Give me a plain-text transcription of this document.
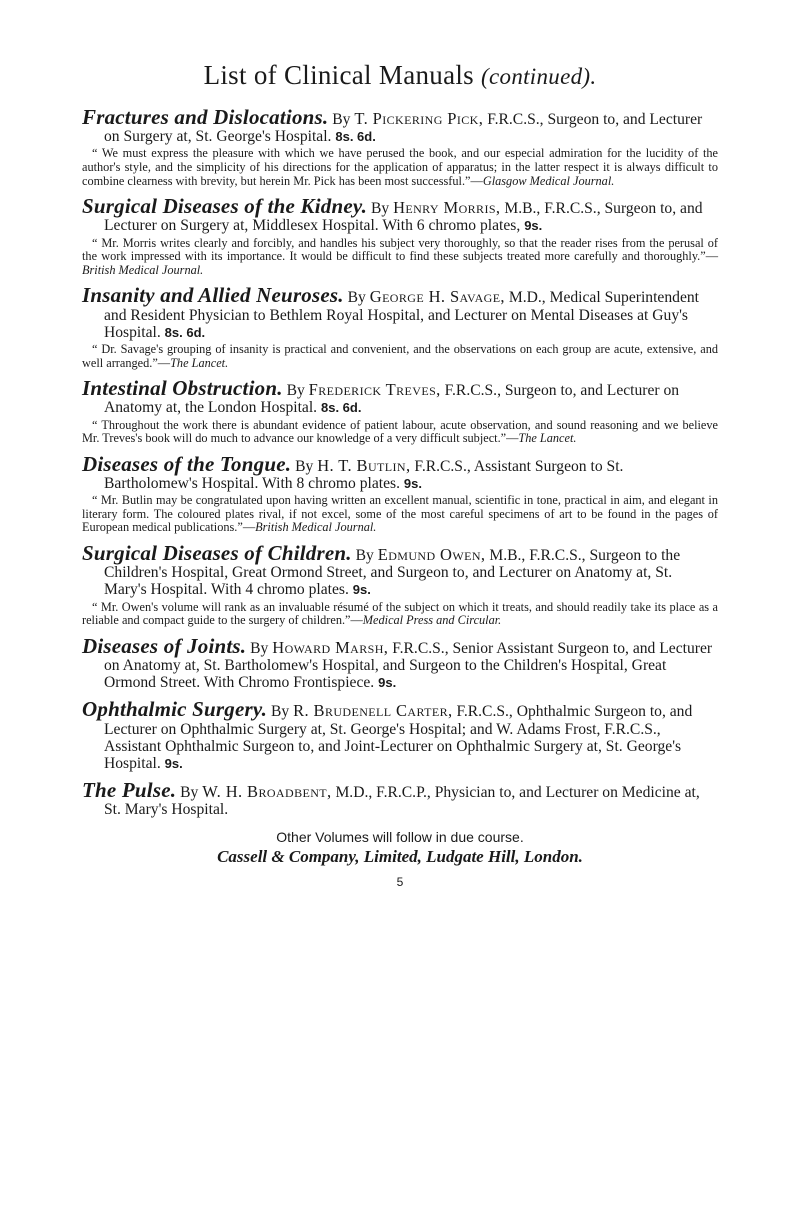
List of Clinical Manuals (continued).

Fractures and Dislocations. By T. Pickering Pick, F.R.C.S., Surgeon to, and Lecturer on Surgery at, St. George's Hospital. 8s. 6d.

“ We must express the pleasure with which we have perused the book, and our especial admiration for the lucidity of the author's style, and the simplicity of his directions for the application of apparatus; in the latter respect it is always difficult to combine clearness with brevity, but herein Mr. Pick has been most successful.”—Glasgow Medical Journal.

Surgical Diseases of the Kidney. By Henry Morris, M.B., F.R.C.S., Surgeon to, and Lecturer on Surgery at, Middlesex Hospital. With 6 chromo plates, 9s.

“ Mr. Morris writes clearly and forcibly, and handles his subject very thoroughly, so that the reader rises from the perusal of the work impressed with its importance. It would be difficult to find these subjects treated more carefully and thoroughly.”—British Medical Journal.

Insanity and Allied Neuroses. By George H. Savage, M.D., Medical Superintendent and Resident Physician to Bethlem Royal Hospital, and Lecturer on Mental Diseases at Guy's Hospital. 8s. 6d.

“ Dr. Savage's grouping of insanity is practical and convenient, and the observations on each group are acute, extensive, and well arranged.”—The Lancet.

Intestinal Obstruction. By Frederick Treves, F.R.C.S., Surgeon to, and Lecturer on Anatomy at, the London Hospital. 8s. 6d.

“ Throughout the work there is abundant evidence of patient labour, acute observation, and sound reasoning and we believe Mr. Treves's book will do much to advance our knowledge of a very difficult subject.”—The Lancet.

Diseases of the Tongue. By H. T. Butlin, F.R.C.S., Assistant Surgeon to St. Bartholomew's Hospital. With 8 chromo plates. 9s.

“ Mr. Butlin may be congratulated upon having written an excellent manual, scientific in tone, practical in aim, and elegant in literary form. The coloured plates rival, if not excel, some of the most careful specimens of art to be found in the pages of European medical publications.”—British Medical Journal.

Surgical Diseases of Children. By Edmund Owen, M.B., F.R.C.S., Surgeon to the Children's Hospital, Great Ormond Street, and Surgeon to, and Lecturer on Anatomy at, St. Mary's Hospital. With 4 chromo plates. 9s.

“ Mr. Owen's volume will rank as an invaluable résumé of the subject on which it treats, and should readily take its place as a reliable and compact guide to the surgery of children.”—Medical Press and Circular.

Diseases of Joints. By Howard Marsh, F.R.C.S., Senior Assistant Surgeon to, and Lecturer on Anatomy at, St. Bartholomew's Hospital, and Surgeon to the Children's Hospital, Great Ormond Street. With Chromo Frontispiece. 9s.

Ophthalmic Surgery. By R. Brudenell Carter, F.R.C.S., Ophthalmic Surgeon to, and Lecturer on Ophthalmic Surgery at, St. George's Hospital; and W. Adams Frost, F.R.C.S., Assistant Ophthalmic Surgeon to, and Joint-Lecturer on Ophthalmic Surgery at, St. George's Hospital. 9s.

The Pulse. By W. H. Broadbent, M.D., F.R.C.P., Physician to, and Lecturer on Medicine at, St. Mary's Hospital.

Other Volumes will follow in due course.

Cassell & Company, Limited, Ludgate Hill, London.

5
